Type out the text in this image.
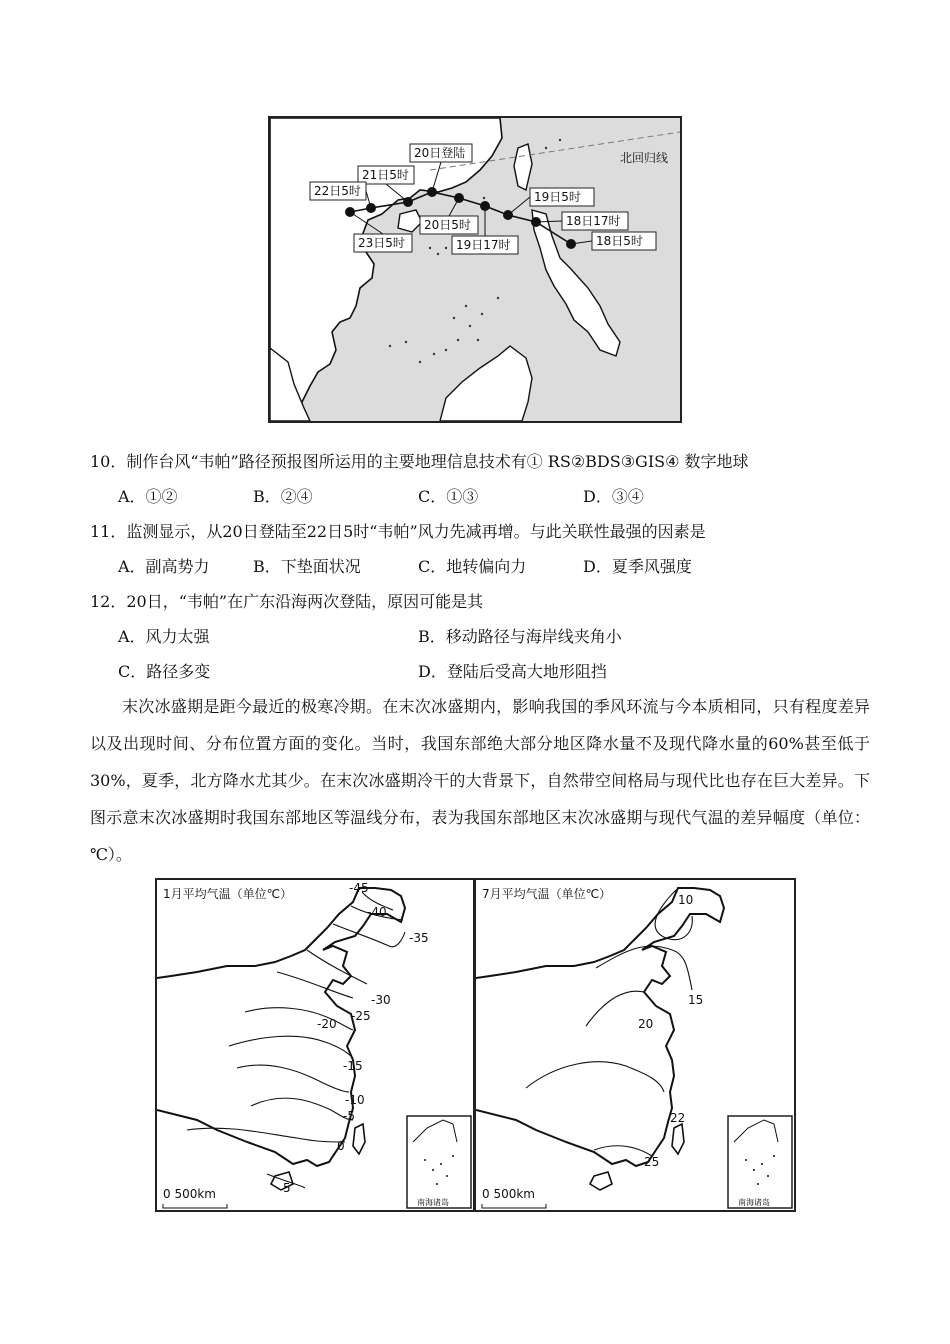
北回归线
18日5时
18日17时
19日5时
19日17时
20日5时
20日登陆
21日5时
22日5时
23日5时
10．制作台风“韦帕”路径预报图所运用的主要地理信息技术有① RS②BDS③GIS④ 数字地球
A．①②	B．②④	C．①③	D．③④
11．监测显示，从20日登陆至22日5时“韦帕”风力先减再增。与此关联性最强的因素是
A．副高势力	B．下垫面状况	C．地转偏向力	D．夏季风强度
12．20日，“韦帕”在广东沿海两次登陆，原因可能是其
A．风力太强	B．移动路径与海岸线夹角小
C．路径多变	D．登陆后受高大地形阻挡

末次冰盛期是距今最近的极寒冷期。在末次冰盛期内，影响我国的季风环流与今本质相同，只有程度差异以及出现时间、分布位置方面的变化。当时，我国东部绝大部分地区降水量不及现代降水量的60%甚至低于30%，夏季，北方降水尤其少。在末次冰盛期冷干的大背景下，自然带空间格局与现代比也存在巨大差异。下图示意末次冰盛期时我国东部地区等温线分布，表为我国东部地区末次冰盛期与现代气温的差异幅度（单位：℃）。

1月平均气温（单位℃）	-45
-40
-35
-30
-25
-20
-15
-10
-5
0
5
0 500km
南海诸岛
7月平均气温（单位℃）	10
15
20
22
25
0 500km
南海诸岛
